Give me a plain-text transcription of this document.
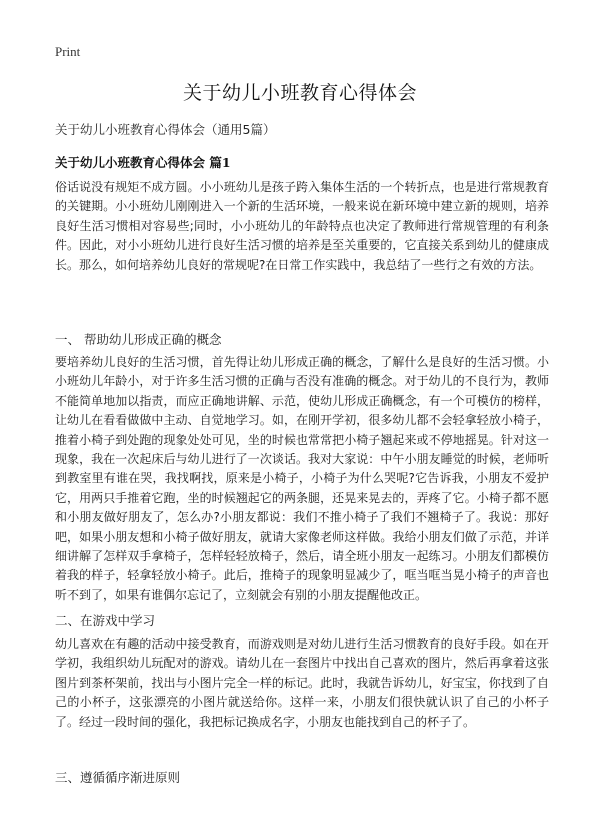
Print
关于幼儿小班教育心得体会
关于幼儿小班教育心得体会（通用5篇）
关于幼儿小班教育心得体会 篇1

俗话说没有规矩不成方圆。小小班幼儿是孩子跨入集体生活的一个转折点，也是进行常规教育的关键期。小小班幼儿刚刚进入一个新的生活环境，一般来说在新环境中建立新的规则，培养良好生活习惯相对容易些;同时，小小班幼儿的年龄特点也决定了教师进行常规管理的有利条件。因此，对小小班幼儿进行良好生活习惯的培养是至关重要的，它直接关系到幼儿的健康成长。那么，如何培养幼儿良好的常规呢?在日常工作实践中，我总结了一些行之有效的方法。

一、 帮助幼儿形成正确的概念

要培养幼儿良好的生活习惯，首先得让幼儿形成正确的概念，了解什么是良好的生活习惯。小小班幼儿年龄小，对于许多生活习惯的正确与否没有准确的概念。对于幼儿的不良行为，教师不能简单地加以指责，而应正确地讲解、示范，使幼儿形成正确概念，有一个可模仿的榜样，让幼儿在看看做做中主动、自觉地学习。如，在刚开学初，很多幼儿都不会轻拿轻放小椅子，推着小椅子到处跑的现象处处可见，坐的时候也常常把小椅子翘起来或不停地摇晃。针对这一现象，我在一次起床后与幼儿进行了一次谈话。我对大家说：中午小朋友睡觉的时候，老师听到教室里有谁在哭，我找啊找，原来是小椅子，小椅子为什么哭呢?它告诉我，小朋友不爱护它，用两只手推着它跑，坐的时候翘起它的两条腿，还晃来晃去的，弄疼了它。小椅子都不愿和小朋友做好朋友了，怎么办?小朋友都说：我们不推小椅子了我们不翘椅子了。我说：那好吧，如果小朋友想和小椅子做好朋友，就请大家像老师这样做。我给小朋友们做了示范，并详细讲解了怎样双手拿椅子，怎样轻轻放椅子，然后，请全班小朋友一起练习。小朋友们都模仿着我的样子，轻拿轻放小椅子。此后，推椅子的现象明显减少了，哐当哐当晃小椅子的声音也听不到了，如果有谁偶尔忘记了，立刻就会有别的小朋友提醒他改正。

二、在游戏中学习

幼儿喜欢在有趣的活动中接受教育，而游戏则是对幼儿进行生活习惯教育的良好手段。如在开学初，我组织幼儿玩配对的游戏。请幼儿在一套图片中找出自己喜欢的图片，然后再拿着这张图片到茶杯架前，找出与小图片完全一样的标记。此时，我就告诉幼儿，好宝宝，你找到了自己的小杯子，这张漂亮的小图片就送给你。这样一来，小朋友们很快就认识了自己的小杯子了。经过一段时间的强化，我把标记换成名字，小朋友也能找到自己的杯子了。

三、遵循循序渐进原则
